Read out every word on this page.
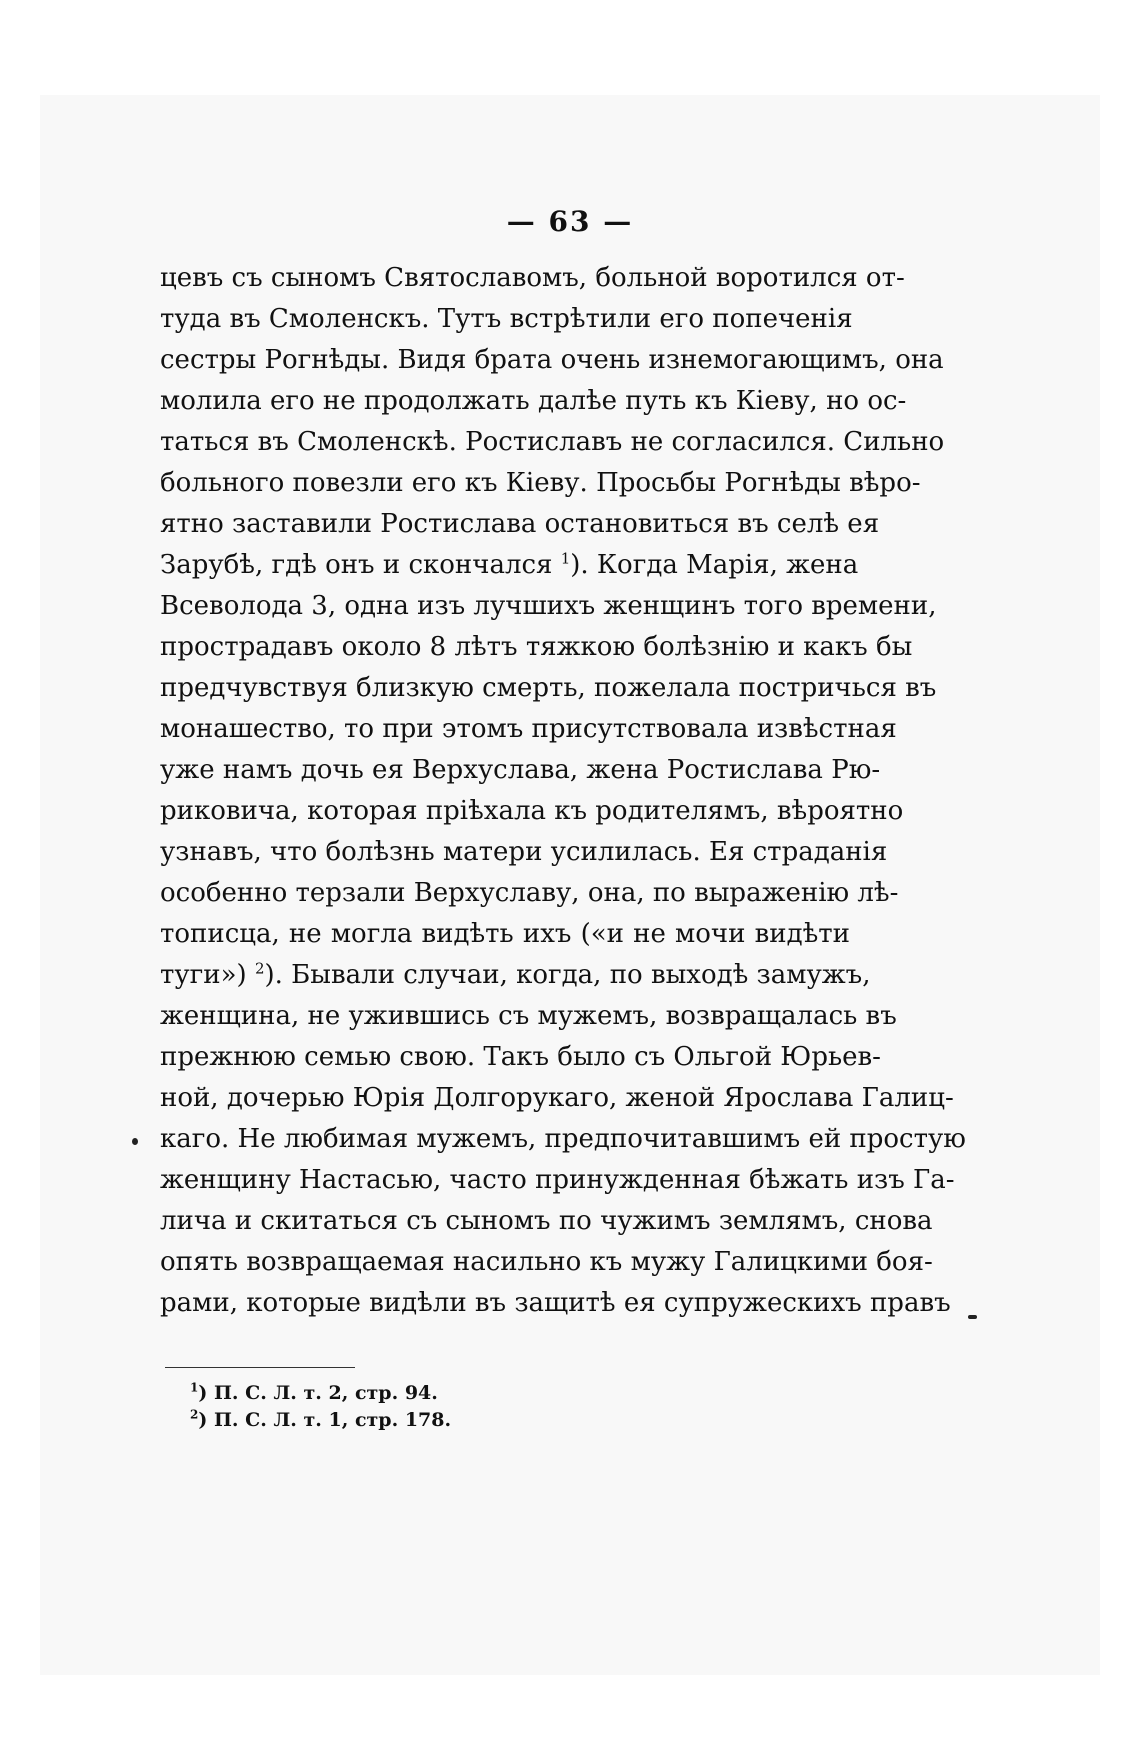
— 63 —
цевъ съ сыномъ Святославомъ, больной воротился от-
туда въ Смоленскъ. Тутъ встрѣтили его попеченія
сестры Рогнѣды. Видя брата очень изнемогающимъ, она
молила его не продолжать далѣе путь къ Кіеву, но ос-
таться въ Смоленскѣ. Ростиславъ не согласился. Сильно
больного повезли его къ Кіеву. Просьбы Рогнѣды вѣро-
ятно заставили Ростислава остановиться въ селѣ ея
Зарубѣ, гдѣ онъ и скончался $^1$). Когда Марія, жена
Всеволода 3, одна изъ лучшихъ женщинъ того времени,
прострадавъ около 8 лѣтъ тяжкою болѣзнію и какъ бы
предчувствуя близкую смерть, пожелала постричься въ
монашество, то при этомъ присутствовала извѣстная
уже намъ дочь ея Верхуслава, жена Ростислава Рю-
риковича, которая пріѣхала къ родителямъ, вѣроятно
узнавъ, что болѣзнь матери усилилась. Ея страданія
особенно терзали Верхуславу, она, по выраженію лѣ-
тописца, не могла видѣть ихъ («и не мочи видѣти
туги») $^2$). Бывали случаи, когда, по выходѣ замужъ,
женщина, не ужившись съ мужемъ, возвращалась въ
прежнюю семью свою. Такъ было съ Ольгой Юрьев-
ной, дочерью Юрія Долгорукаго, женой Ярослава Галиц-
каго. Не любимая мужемъ, предпочитавшимъ ей простую
женщину Настасью, часто принужденная бѣжать изъ Га-
лича и скитаться съ сыномъ по чужимъ землямъ, снова
опять возвращаемая насильно къ мужу Галицкими боя-
рами, которые видѣли въ защитѣ ея супружескихъ правъ
$^1$) П. С. Л. т. 2, стр. 94.
$^2$) П. С. Л. т. 1, стр. 178.
